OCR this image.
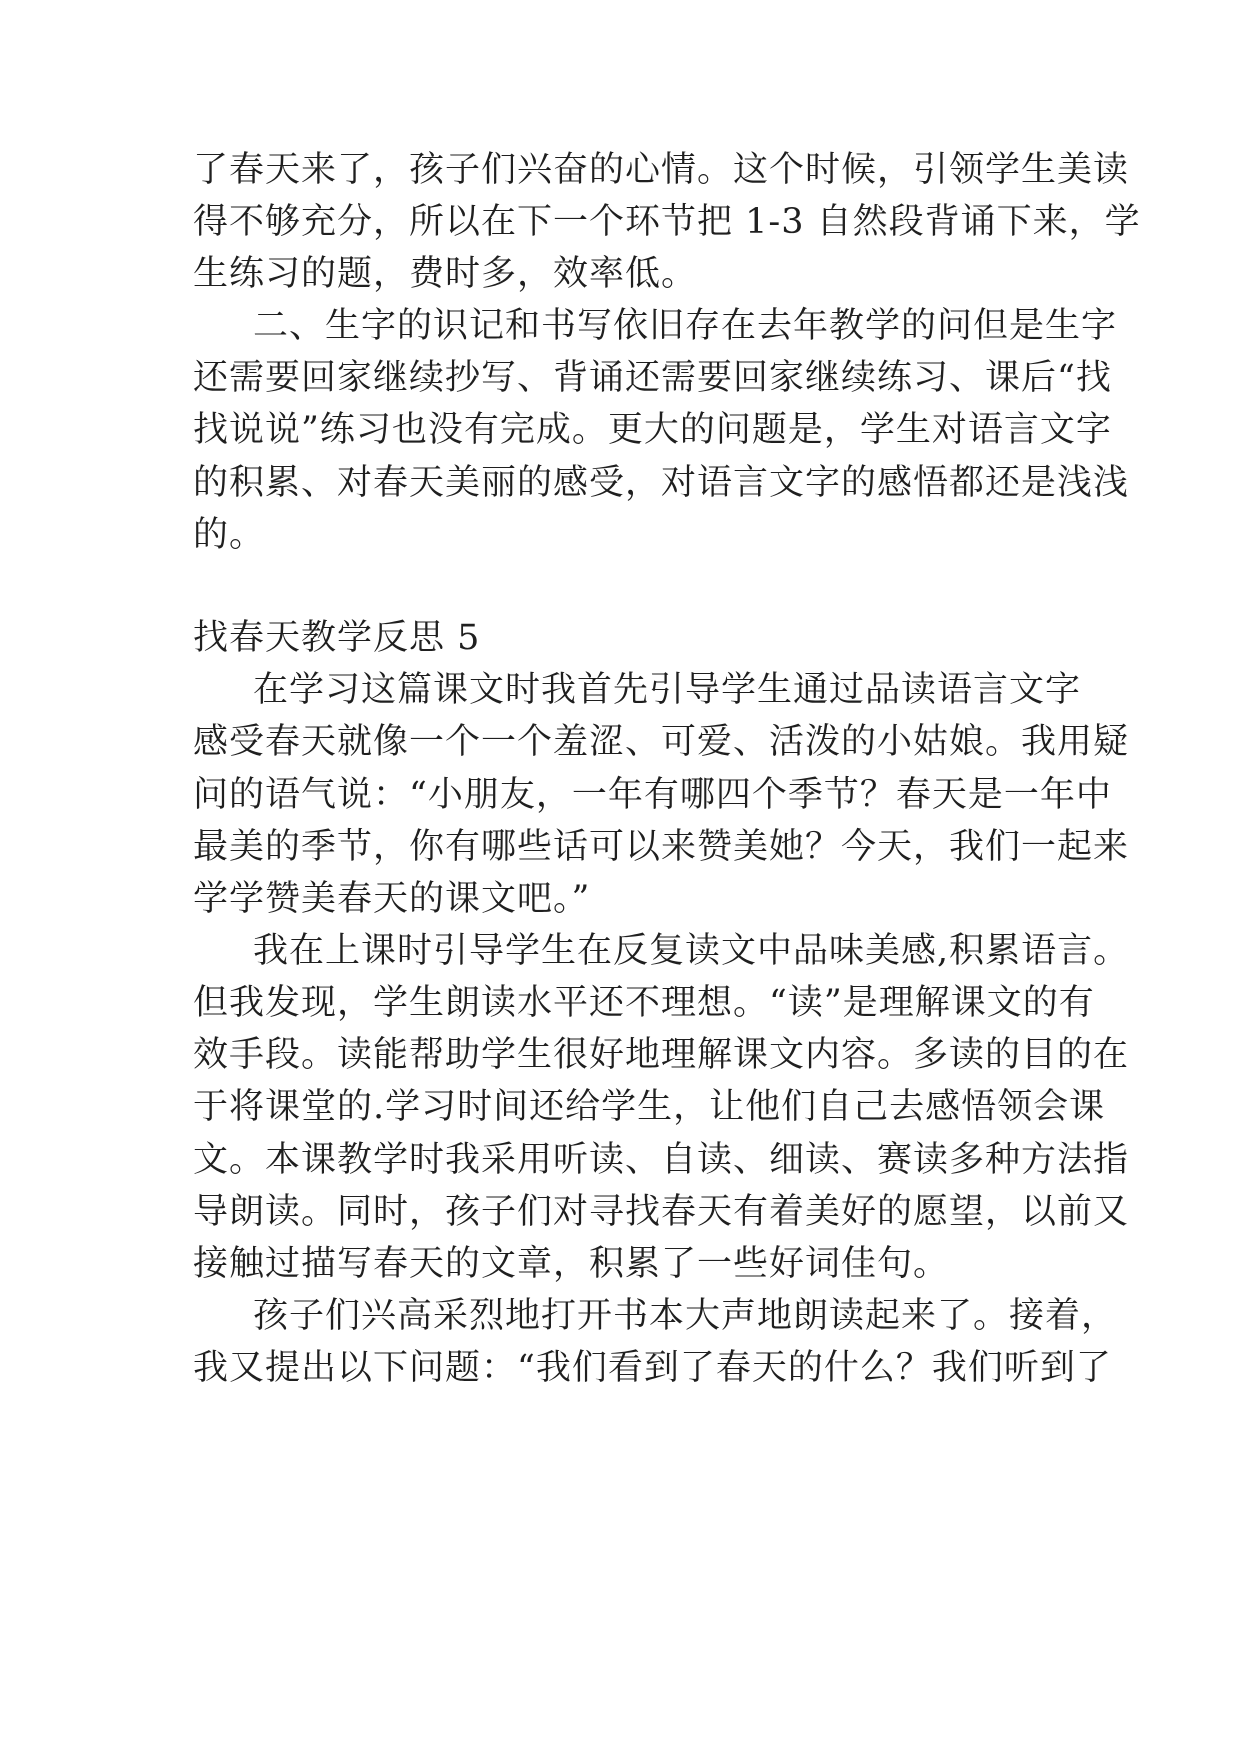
了春天来了，孩子们兴奋的心情。这个时候，引领学生美读
得不够充分，所以在下一个环节把 1-3 自然段背诵下来，学
生练习的题，费时多，效率低。
二、生字的识记和书写依旧存在去年教学的问但是生字
还需要回家继续抄写、背诵还需要回家继续练习、课后“找
找说说”练习也没有完成。更大的问题是，学生对语言文字
的积累、对春天美丽的感受，对语言文字的感悟都还是浅浅
的。
找春天教学反思 5
在学习这篇课文时我首先引导学生通过品读语言文字
感受春天就像一个一个羞涩、可爱、活泼的小姑娘。我用疑
问的语气说：“小朋友，一年有哪四个季节？春天是一年中
最美的季节，你有哪些话可以来赞美她？今天，我们一起来
学学赞美春天的课文吧。”
我在上课时引导学生在反复读文中品味美感,积累语言。
但我发现，学生朗读水平还不理想。“读”是理解课文的有
效手段。读能帮助学生很好地理解课文内容。多读的目的在
于将课堂的.学习时间还给学生，让他们自己去感悟领会课
文。本课教学时我采用听读、自读、细读、赛读多种方法指
导朗读。同时，孩子们对寻找春天有着美好的愿望，以前又
接触过描写春天的文章，积累了一些好词佳句。
孩子们兴高采烈地打开书本大声地朗读起来了。接着，
我又提出以下问题：“我们看到了春天的什么？我们听到了
